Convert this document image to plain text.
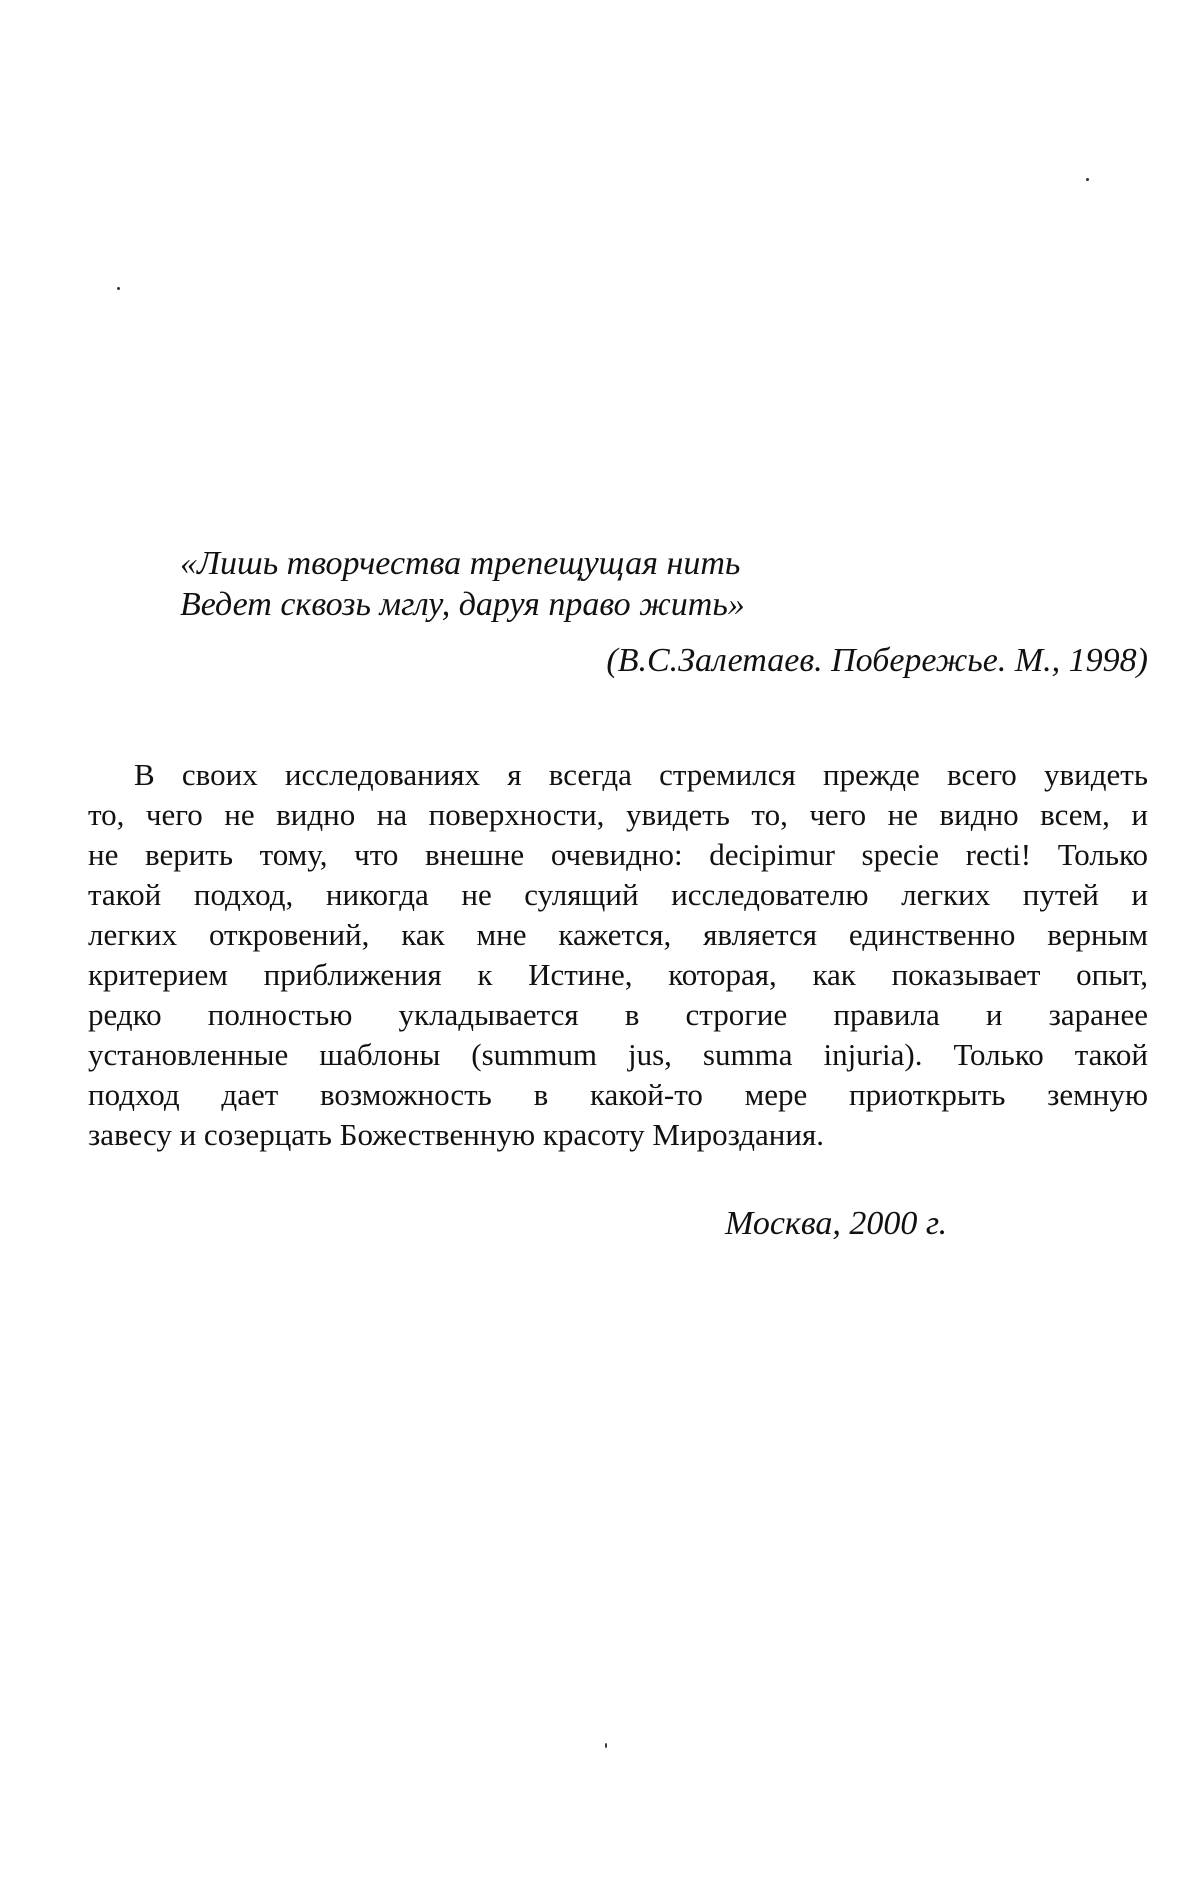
«Лишь творчества трепещущая нить
Ведет сквозь мглу, даруя право жить»
(В.С.Залетаев. Побережье. М., 1998)
В своих исследованиях я всегда стремился прежде всего увидеть
то, чего не видно на поверхности, увидеть то, чего не видно всем, и
не верить тому, что внешне очевидно: decipimur specie recti! Только
такой подход, никогда не сулящий исследователю легких путей и
легких откровений, как мне кажется, является единственно верным
критерием приближения к Истине, которая, как показывает опыт,
редко полностью укладывается в строгие правила и заранее
установленные шаблоны (summum jus, summa injuria). Только такой
подход дает возможность в какой-то мере приоткрыть земную
завесу и созерцать Божественную красоту Мироздания.
Москва, 2000 г.
